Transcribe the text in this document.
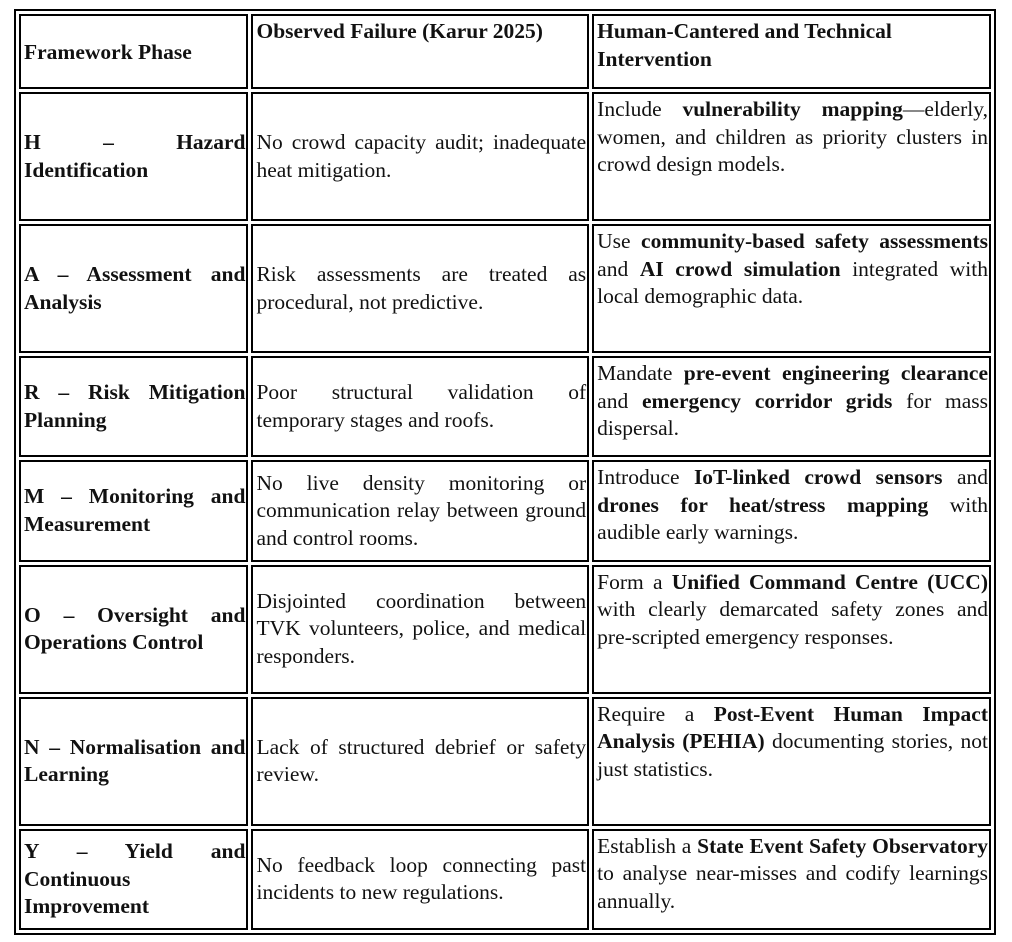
Framework Phase	Observed Failure (Karur 2025)	Human-Cantered and Technical Intervention
H – Hazard Identification	No crowd capacity audit; inadequate heat mitigation.	Include vulnerability mapping—elderly, women, and children as priority clusters in crowd design models.
A – Assessment and Analysis	Risk assessments are treated as procedural, not predictive.	Use community-based safety assessments and AI crowd simulation integrated with local demographic data.
R – Risk Mitigation Planning	Poor structural validation of temporary stages and roofs.	Mandate pre-event engineering clearance and emergency corridor grids for mass dispersal.
M – Monitoring and Measurement	No live density monitoring or communication relay between ground and control rooms.	Introduce IoT-linked crowd sensors and drones for heat/stress mapping with audible early warnings.
O – Oversight and Operations Control	Disjointed coordination between TVK volunteers, police, and medical responders.	Form a Unified Command Centre (UCC) with clearly demarcated safety zones and pre-scripted emergency responses.
N – Normalisation and Learning	Lack of structured debrief or safety review.	Require a Post-Event Human Impact Analysis (PEHIA) documenting stories, not just statistics.
Y – Yield and Continuous Improvement	No feedback loop connecting past incidents to new regulations.	Establish a State Event Safety Observatory to analyse near-misses and codify learnings annually.
